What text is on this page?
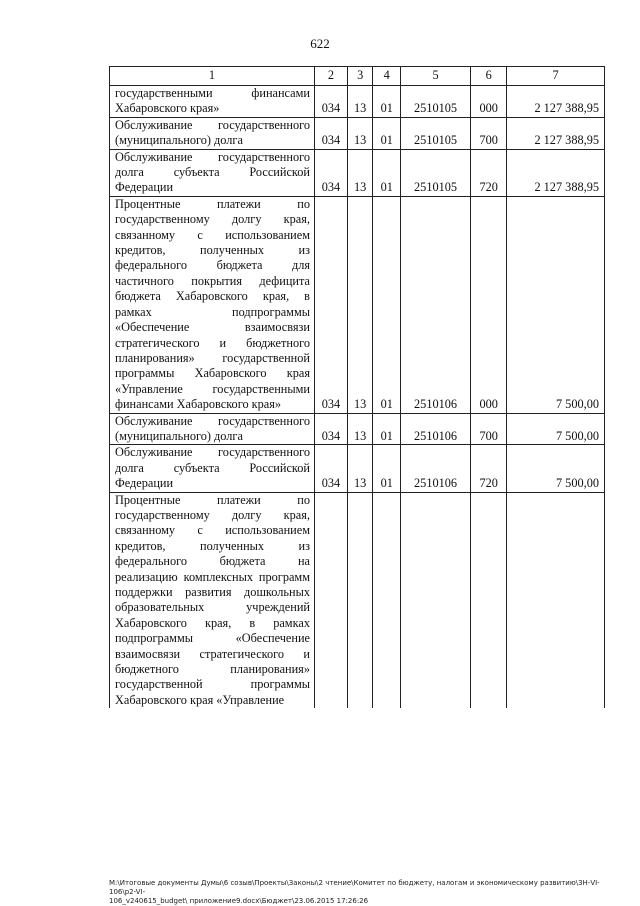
622
1	2	3	4	5	6	7
государственными финансами Хабаровского края»	034	13	01	2510105	000	2 127 388,95
Обслуживание государственного (муниципального) долга	034	13	01	2510105	700	2 127 388,95
Обслуживание государственного долга субъекта Российской Федерации	034	13	01	2510105	720	2 127 388,95
Процентные платежи по государственному долгу края, связанному с использованием кредитов, полученных из федерального бюджета для частичного покрытия дефицита бюджета Хабаровского края, в рамках подпрограммы «Обеспечение взаимосвязи стратегического и бюджетного планирования» государственной программы Хабаровского края «Управление государственными финансами Хабаровского края»	034	13	01	2510106	000	7 500,00
Обслуживание государственного (муниципального) долга	034	13	01	2510106	700	7 500,00
Обслуживание государственного долга субъекта Российской Федерации	034	13	01	2510106	720	7 500,00
Процентные платежи по государственному долгу края, связанному с использованием кредитов, полученных из федерального бюджета на реализацию комплексных программ поддержки развития дошкольных образовательных учреждений Хабаровского края, в рамках подпрограммы «Обеспечение взаимосвязи стратегического и бюджетного планирования» государственной программы Хабаровского края «Управление						
M:\Итоговые документы Думы\6 созыв\Проекты\Законы\2 чтение\Комитет по бюджету, налогам и экономическому развитию\3Н-VI-106\p2-VI-
106_v240615_budget\ приложение9.docx\Бюджет\23.06.2015 17:26:26
